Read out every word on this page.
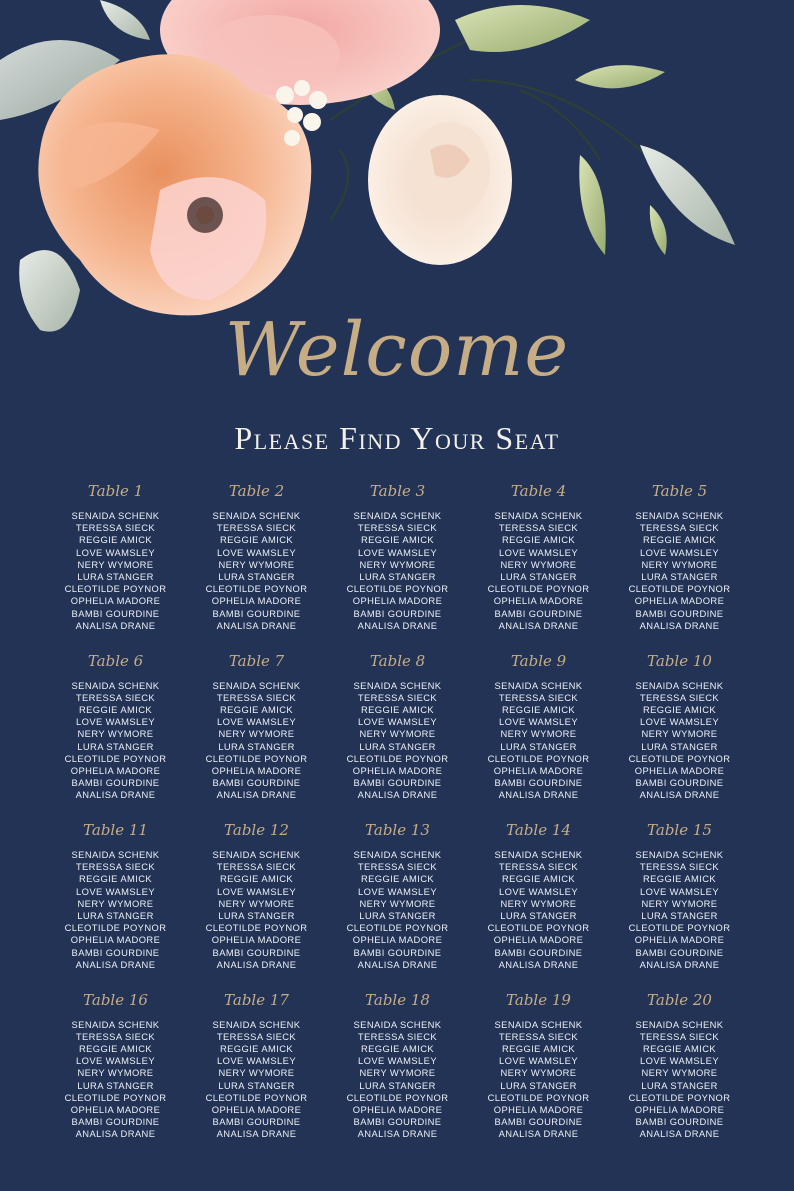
Welcome
Please Find Your Seat
Table 1
SENAIDA SCHENK
TERESSA SIECK
REGGIE AMICK
LOVE WAMSLEY
NERY WYMORE
LURA STANGER
CLEOTILDE POYNOR
OPHELIA MADORE
BAMBI GOURDINE
ANALISA DRANE
Table 2
SENAIDA SCHENK
TERESSA SIECK
REGGIE AMICK
LOVE WAMSLEY
NERY WYMORE
LURA STANGER
CLEOTILDE POYNOR
OPHELIA MADORE
BAMBI GOURDINE
ANALISA DRANE
Table 3
SENAIDA SCHENK
TERESSA SIECK
REGGIE AMICK
LOVE WAMSLEY
NERY WYMORE
LURA STANGER
CLEOTILDE POYNOR
OPHELIA MADORE
BAMBI GOURDINE
ANALISA DRANE
Table 4
SENAIDA SCHENK
TERESSA SIECK
REGGIE AMICK
LOVE WAMSLEY
NERY WYMORE
LURA STANGER
CLEOTILDE POYNOR
OPHELIA MADORE
BAMBI GOURDINE
ANALISA DRANE
Table 5
SENAIDA SCHENK
TERESSA SIECK
REGGIE AMICK
LOVE WAMSLEY
NERY WYMORE
LURA STANGER
CLEOTILDE POYNOR
OPHELIA MADORE
BAMBI GOURDINE
ANALISA DRANE
Table 6
SENAIDA SCHENK
TERESSA SIECK
REGGIE AMICK
LOVE WAMSLEY
NERY WYMORE
LURA STANGER
CLEOTILDE POYNOR
OPHELIA MADORE
BAMBI GOURDINE
ANALISA DRANE
Table 7
SENAIDA SCHENK
TERESSA SIECK
REGGIE AMICK
LOVE WAMSLEY
NERY WYMORE
LURA STANGER
CLEOTILDE POYNOR
OPHELIA MADORE
BAMBI GOURDINE
ANALISA DRANE
Table 8
SENAIDA SCHENK
TERESSA SIECK
REGGIE AMICK
LOVE WAMSLEY
NERY WYMORE
LURA STANGER
CLEOTILDE POYNOR
OPHELIA MADORE
BAMBI GOURDINE
ANALISA DRANE
Table 9
SENAIDA SCHENK
TERESSA SIECK
REGGIE AMICK
LOVE WAMSLEY
NERY WYMORE
LURA STANGER
CLEOTILDE POYNOR
OPHELIA MADORE
BAMBI GOURDINE
ANALISA DRANE
Table 10
SENAIDA SCHENK
TERESSA SIECK
REGGIE AMICK
LOVE WAMSLEY
NERY WYMORE
LURA STANGER
CLEOTILDE POYNOR
OPHELIA MADORE
BAMBI GOURDINE
ANALISA DRANE
Table 11
SENAIDA SCHENK
TERESSA SIECK
REGGIE AMICK
LOVE WAMSLEY
NERY WYMORE
LURA STANGER
CLEOTILDE POYNOR
OPHELIA MADORE
BAMBI GOURDINE
ANALISA DRANE
Table 12
SENAIDA SCHENK
TERESSA SIECK
REGGIE AMICK
LOVE WAMSLEY
NERY WYMORE
LURA STANGER
CLEOTILDE POYNOR
OPHELIA MADORE
BAMBI GOURDINE
ANALISA DRANE
Table 13
SENAIDA SCHENK
TERESSA SIECK
REGGIE AMICK
LOVE WAMSLEY
NERY WYMORE
LURA STANGER
CLEOTILDE POYNOR
OPHELIA MADORE
BAMBI GOURDINE
ANALISA DRANE
Table 14
SENAIDA SCHENK
TERESSA SIECK
REGGIE AMICK
LOVE WAMSLEY
NERY WYMORE
LURA STANGER
CLEOTILDE POYNOR
OPHELIA MADORE
BAMBI GOURDINE
ANALISA DRANE
Table 15
SENAIDA SCHENK
TERESSA SIECK
REGGIE AMICK
LOVE WAMSLEY
NERY WYMORE
LURA STANGER
CLEOTILDE POYNOR
OPHELIA MADORE
BAMBI GOURDINE
ANALISA DRANE
Table 16
SENAIDA SCHENK
TERESSA SIECK
REGGIE AMICK
LOVE WAMSLEY
NERY WYMORE
LURA STANGER
CLEOTILDE POYNOR
OPHELIA MADORE
BAMBI GOURDINE
ANALISA DRANE
Table 17
SENAIDA SCHENK
TERESSA SIECK
REGGIE AMICK
LOVE WAMSLEY
NERY WYMORE
LURA STANGER
CLEOTILDE POYNOR
OPHELIA MADORE
BAMBI GOURDINE
ANALISA DRANE
Table 18
SENAIDA SCHENK
TERESSA SIECK
REGGIE AMICK
LOVE WAMSLEY
NERY WYMORE
LURA STANGER
CLEOTILDE POYNOR
OPHELIA MADORE
BAMBI GOURDINE
ANALISA DRANE
Table 19
SENAIDA SCHENK
TERESSA SIECK
REGGIE AMICK
LOVE WAMSLEY
NERY WYMORE
LURA STANGER
CLEOTILDE POYNOR
OPHELIA MADORE
BAMBI GOURDINE
ANALISA DRANE
Table 20
SENAIDA SCHENK
TERESSA SIECK
REGGIE AMICK
LOVE WAMSLEY
NERY WYMORE
LURA STANGER
CLEOTILDE POYNOR
OPHELIA MADORE
BAMBI GOURDINE
ANALISA DRANE
